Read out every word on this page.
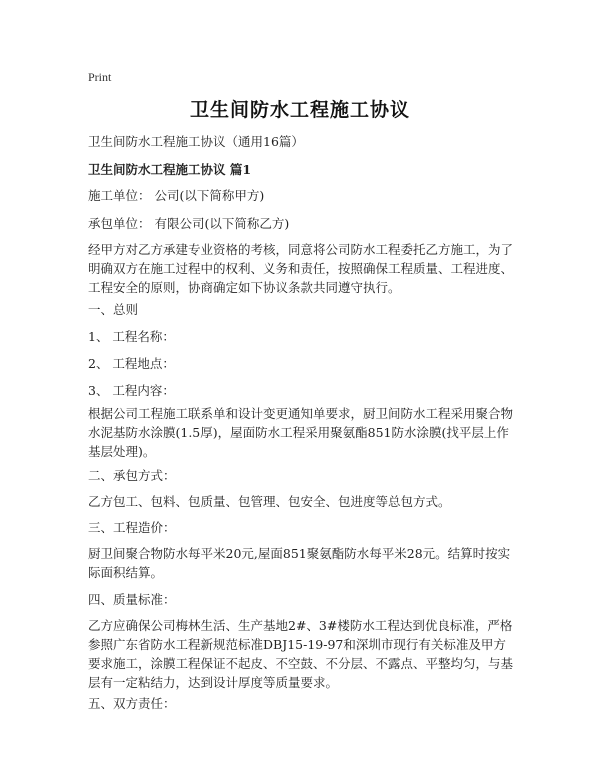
Print
卫生间防水工程施工协议
卫生间防水工程施工协议（通用16篇）
卫生间防水工程施工协议 篇1
施工单位： 公司(以下简称甲方)
承包单位： 有限公司(以下简称乙方)
经甲方对乙方承建专业资格的考核，同意将公司防水工程委托乙方施工，为了明确双方在施工过程中的权利、义务和责任，按照确保工程质量、工程进度、工程安全的原则，协商确定如下协议条款共同遵守执行。
一、总则
1、 工程名称：
2、 工程地点：
3、 工程内容：
根据公司工程施工联系单和设计变更通知单要求，厨卫间防水工程采用聚合物水泥基防水涂膜(1.5厚)，屋面防水工程采用聚氨酯851防水涂膜(找平层上作基层处理)。
二、承包方式：
乙方包工、包料、包质量、包管理、包安全、包进度等总包方式。
三、工程造价：
厨卫间聚合物防水每平米20元,屋面851聚氨酯防水每平米28元。结算时按实际面积结算。
四、质量标准：
乙方应确保公司梅林生活、生产基地2#、3#楼防水工程达到优良标准，严格参照广东省防水工程新规范标准DBJ15-19-97和深圳市现行有关标准及甲方要求施工，涂膜工程保证不起皮、不空鼓、不分层、不露点、平整均匀，与基层有一定粘结力，达到设计厚度等质量要求。
五、双方责任：
